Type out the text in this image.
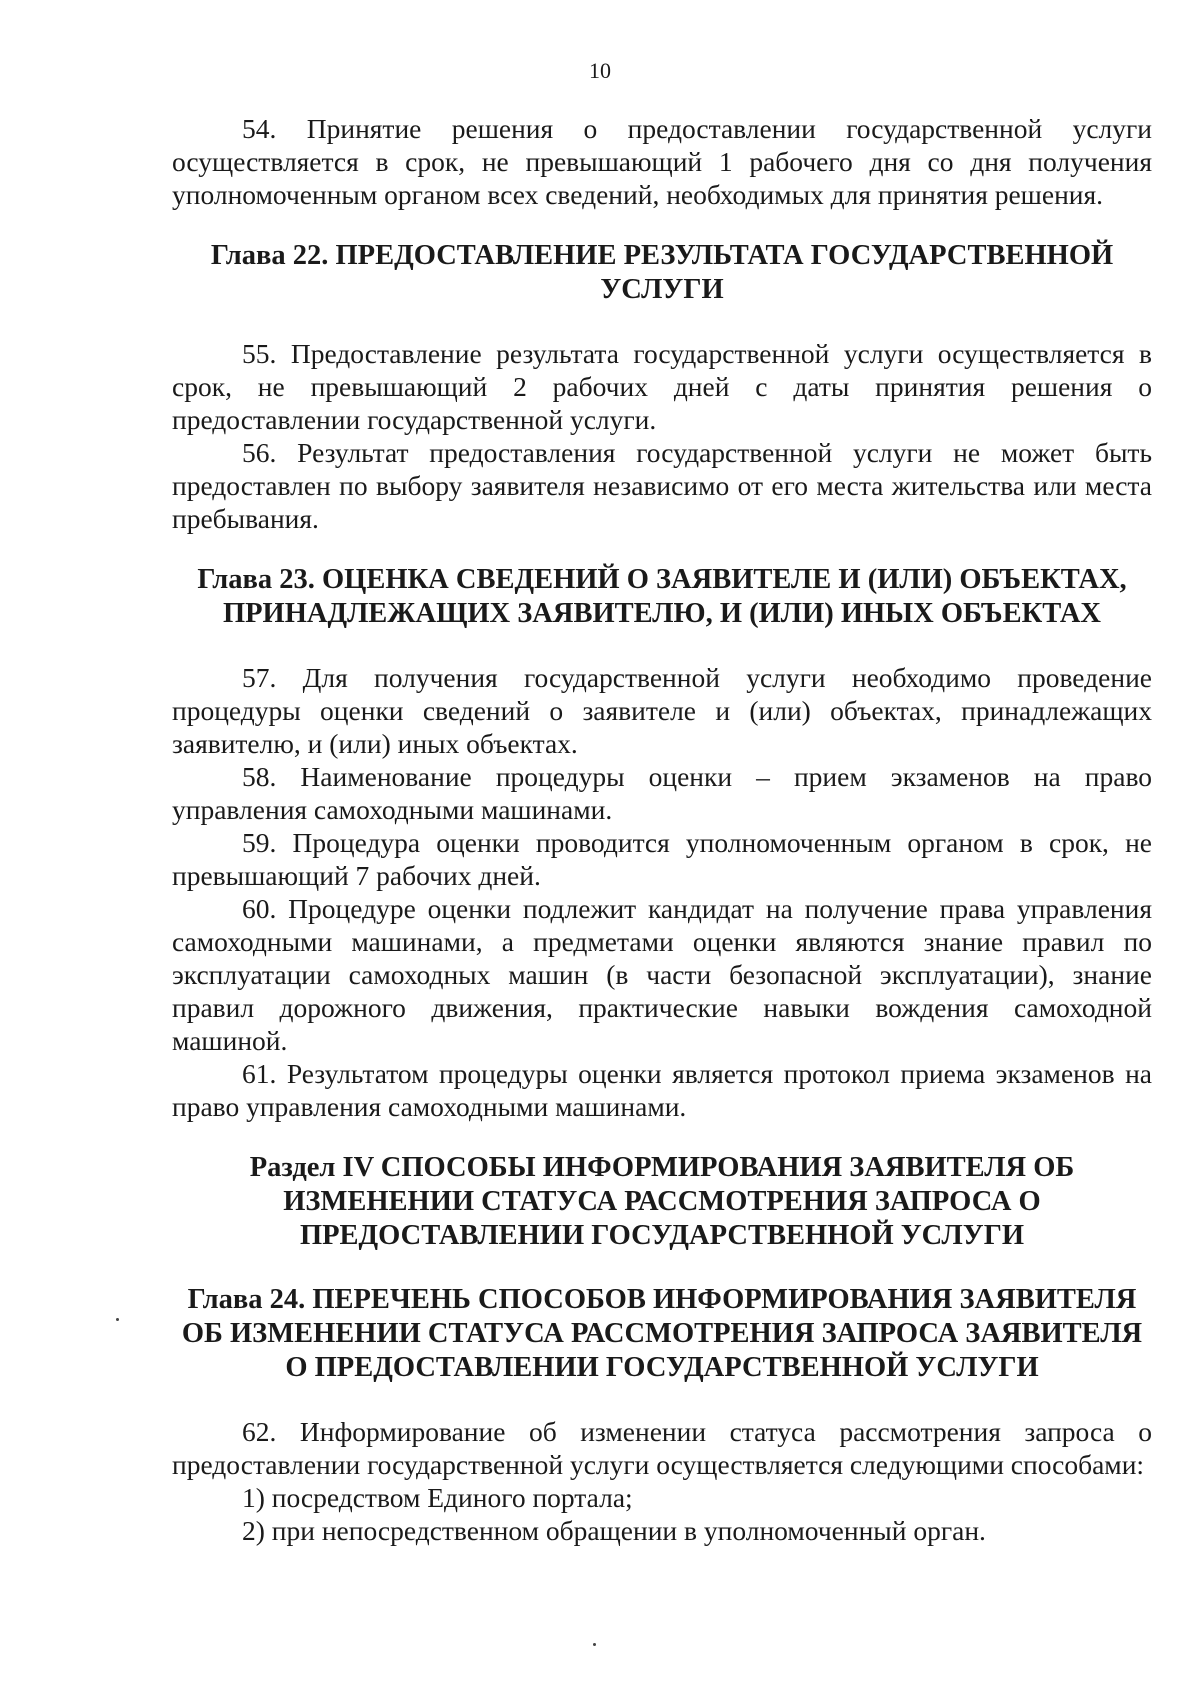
10

54. Принятие решения о предоставлении государственной услуги осуществляется в срок, не превышающий 1 рабочего дня со дня получения уполномоченным органом всех сведений, необходимых для принятия решения.

Глава 22. ПРЕДОСТАВЛЕНИЕ РЕЗУЛЬТАТА ГОСУДАРСТВЕННОЙ УСЛУГИ

55. Предоставление результата государственной услуги осуществляется в срок, не превышающий 2 рабочих дней с даты принятия решения о предоставлении государственной услуги.

56. Результат предоставления государственной услуги не может быть предоставлен по выбору заявителя независимо от его места жительства или места пребывания.

Глава 23. ОЦЕНКА СВЕДЕНИЙ О ЗАЯВИТЕЛЕ И (ИЛИ) ОБЪЕКТАХ, ПРИНАДЛЕЖАЩИХ ЗАЯВИТЕЛЮ, И (ИЛИ) ИНЫХ ОБЪЕКТАХ

57. Для получения государственной услуги необходимо проведение процедуры оценки сведений о заявителе и (или) объектах, принадлежащих заявителю, и (или) иных объектах.

58. Наименование процедуры оценки – прием экзаменов на право управления самоходными машинами.

59. Процедура оценки проводится уполномоченным органом в срок, не превышающий 7 рабочих дней.

60. Процедуре оценки подлежит кандидат на получение права управления самоходными машинами, а предметами оценки являются знание правил по эксплуатации самоходных машин (в части безопасной эксплуатации), знание правил дорожного движения, практические навыки вождения самоходной машиной.

61. Результатом процедуры оценки является протокол приема экзаменов на право управления самоходными машинами.

Раздел IV СПОСОБЫ ИНФОРМИРОВАНИЯ ЗАЯВИТЕЛЯ ОБ ИЗМЕНЕНИИ СТАТУСА РАССМОТРЕНИЯ ЗАПРОСА О ПРЕДОСТАВЛЕНИИ ГОСУДАРСТВЕННОЙ УСЛУГИ
Глава 24. ПЕРЕЧЕНЬ СПОСОБОВ ИНФОРМИРОВАНИЯ ЗАЯВИТЕЛЯ ОБ ИЗМЕНЕНИИ СТАТУСА РАССМОТРЕНИЯ ЗАПРОСА ЗАЯВИТЕЛЯ О ПРЕДОСТАВЛЕНИИ ГОСУДАРСТВЕННОЙ УСЛУГИ

62. Информирование об изменении статуса рассмотрения запроса о предоставлении государственной услуги осуществляется следующими способами:

1) посредством Единого портала;

2) при непосредственном обращении в уполномоченный орган.
